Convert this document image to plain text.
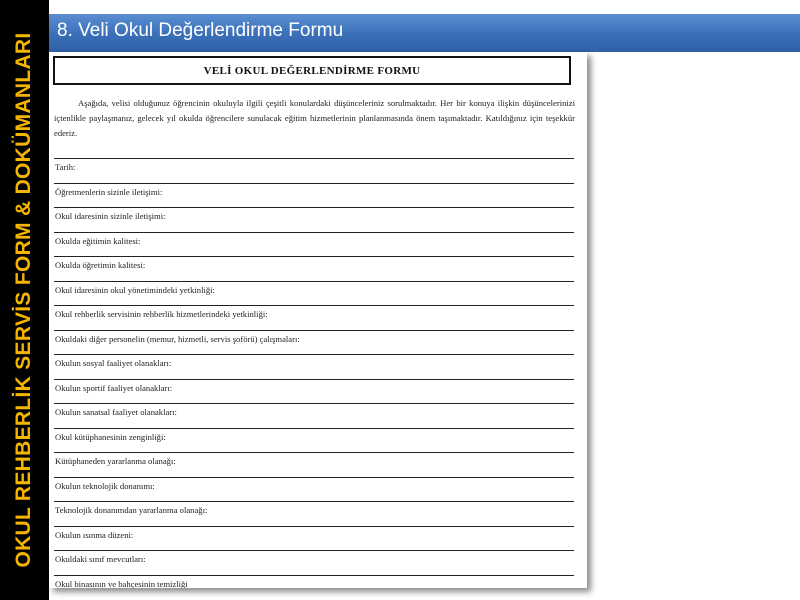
OKUL REHBERLİK SERVİS FORM & DOKÜMANLARI
8. Veli Okul Değerlendirme Formu
VELİ OKUL DEĞERLENDİRME FORMU

Aşağıda, velisi olduğunuz öğrencinin okuluyla ilgili çeşitli konulardaki düşünceleriniz sorulmaktadır. Her bir konuya ilişkin düşüncelerinizi içtenlikle paylaşmanız, gelecek yıl okulda öğrencilere sunulacak eğitim hizmetlerinin planlanmasında önem taşımaktadır. Katıldığınız için teşekkür ederiz.

Tarih:
Öğretmenlerin sizinle iletişimi:
Okul idaresinin sizinle iletişimi:
Okulda eğitimin kalitesi:
Okulda öğretimin kalitesi:
Okul idaresinin okul yönetimindeki yetkinliği:
Okul rehberlik servisinin rehberlik hizmetlerindeki yetkinliği:
Okuldaki diğer personelin (memur, hizmetli, servis şoförü) çalışmaları:
Okulun sosyal faaliyet olanakları:
Okulun sportif faaliyet olanakları:
Okulun sanatsal faaliyet olanakları:
Okul kütüphanesinin zenginliği:
Kütüphaneden yararlanma olanağı:
Okulun teknolojik donanımı:
Teknolojik donanımdan yararlanma olanağı:
Okulun ısınma düzeni:
Okuldaki sınıf mevcutları:
Okul binasının ve bahçesinin temizliği
